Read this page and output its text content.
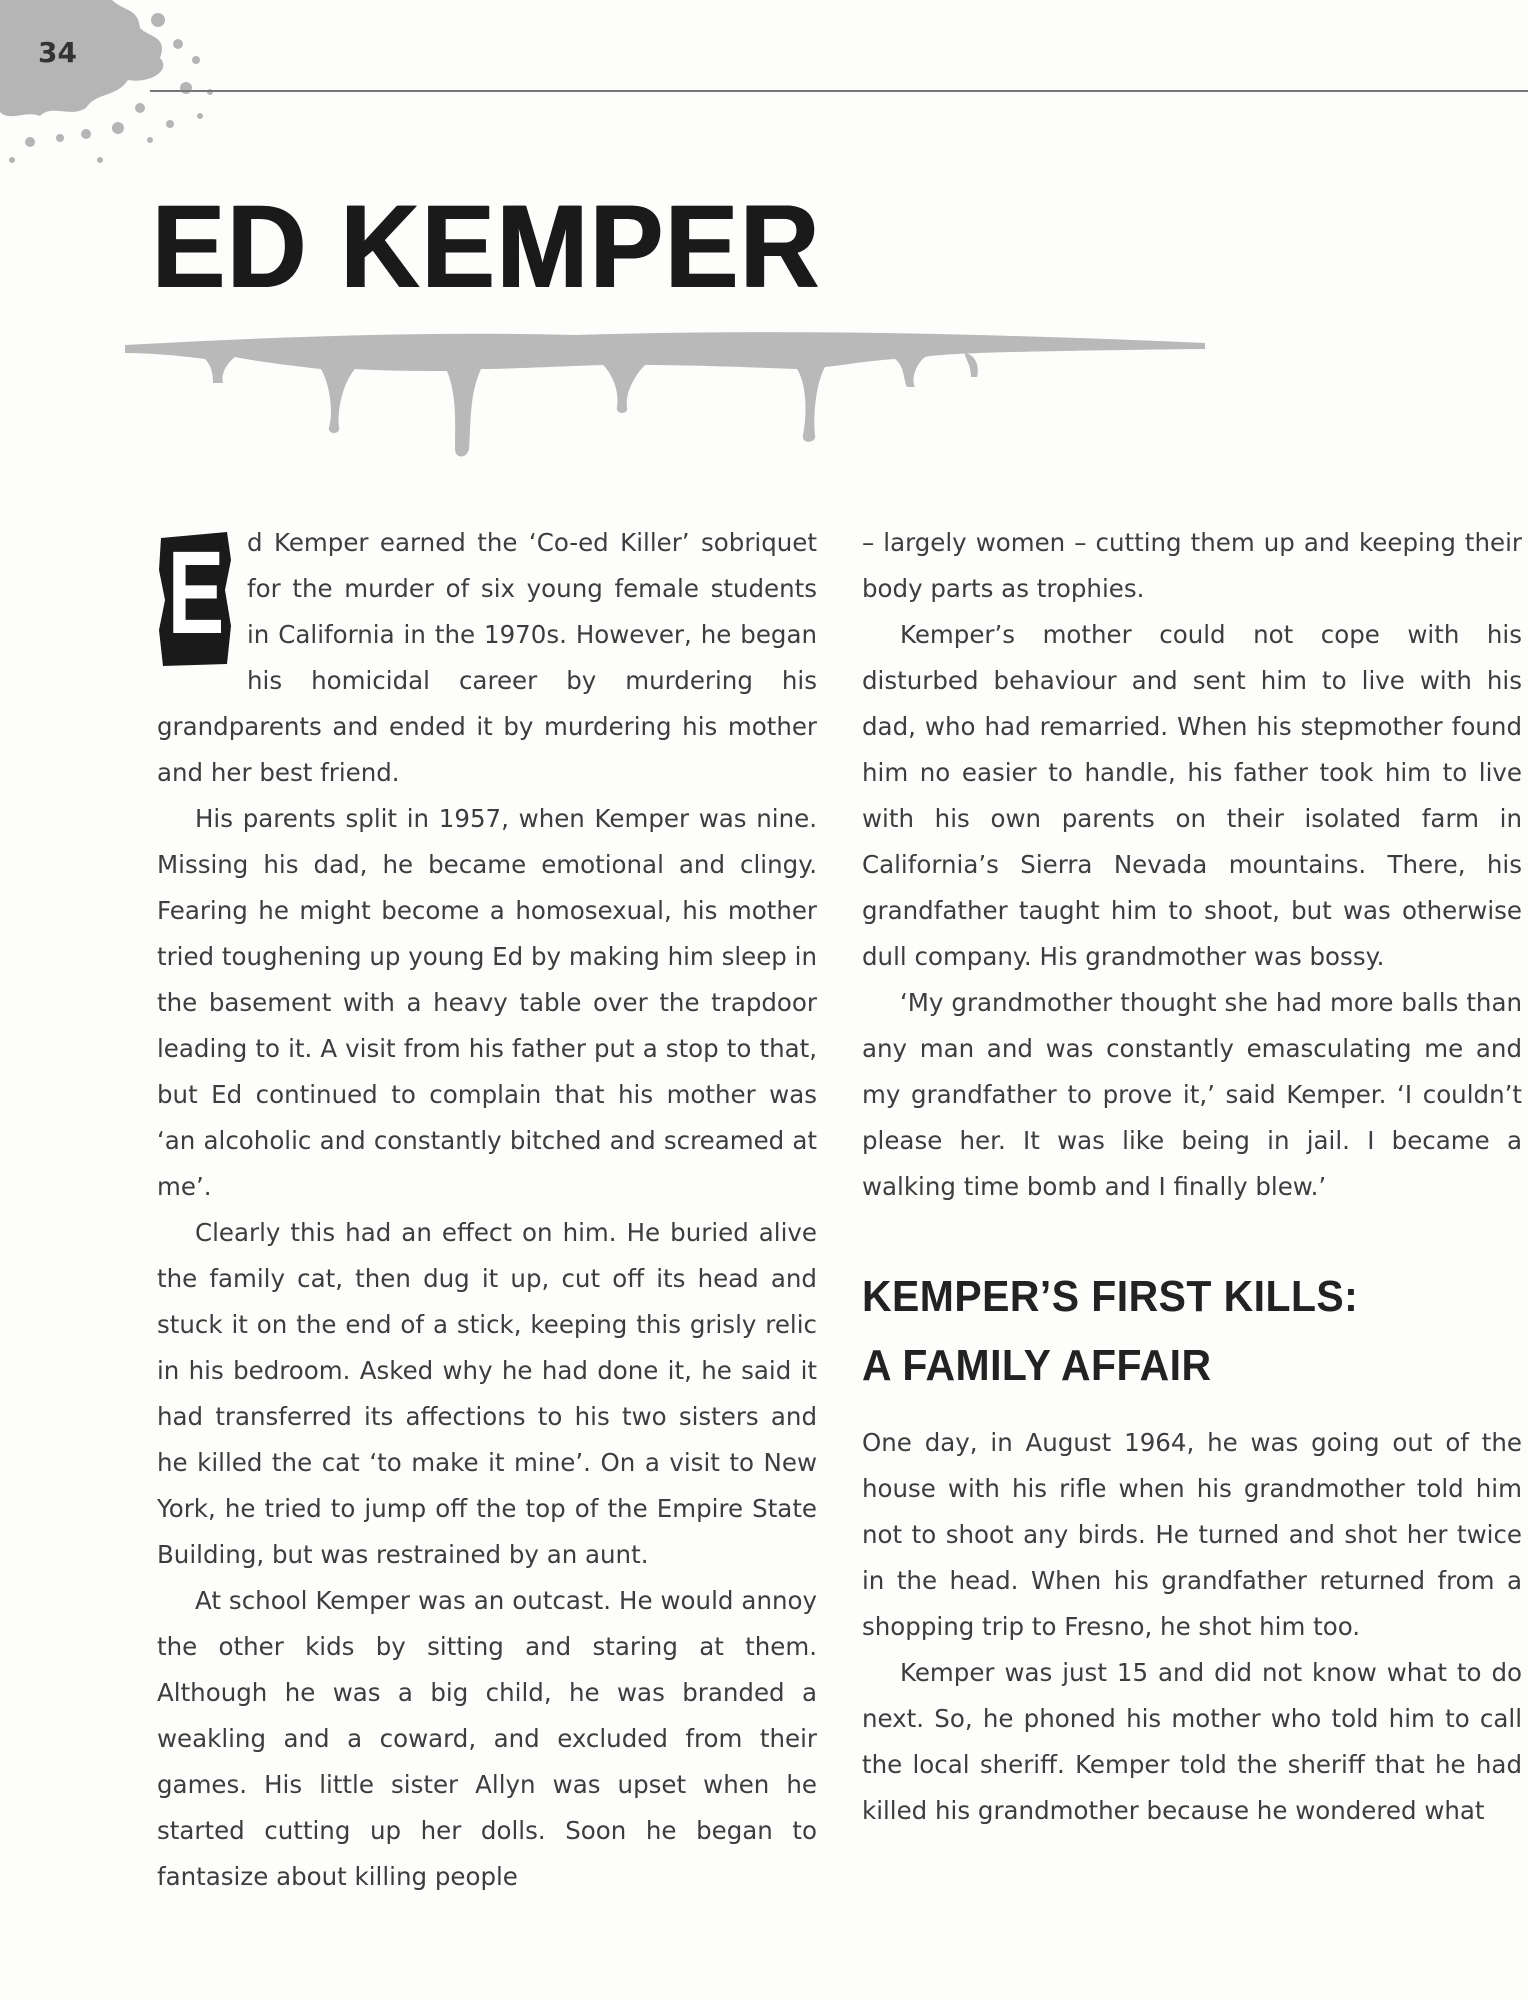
34
ED KEMPER
E d Kemper earned the ‘Co-ed Killer’ sobriquet for the murder of six young female students in California in the 1970s. However, he began his homicidal career by murdering his grandparents and ended it by murdering his mother and her best friend.

His parents split in 1957, when Kemper was nine. Missing his dad, he became emotional and clingy. Fearing he might become a homosexual, his mother tried toughening up young Ed by making him sleep in the basement with a heavy table over the trapdoor leading to it. A visit from his father put a stop to that, but Ed continued to complain that his mother was ‘an alcoholic and constantly bitched and screamed at me’.

Clearly this had an effect on him. He buried alive the family cat, then dug it up, cut off its head and stuck it on the end of a stick, keeping this grisly relic in his bedroom. Asked why he had done it, he said it had transferred its affections to his two sisters and he killed the cat ‘to make it mine’. On a visit to New York, he tried to jump off the top of the Empire State Building, but was restrained by an aunt.

At school Kemper was an outcast. He would annoy the other kids by sitting and staring at them. Although he was a big child, he was branded a weakling and a coward, and excluded from their games. His little sister Allyn was upset when he started cutting up her dolls. Soon he began to fantasize about killing people

– largely women – cutting them up and keeping their body parts as trophies.

Kemper’s mother could not cope with his disturbed behaviour and sent him to live with his dad, who had remarried. When his stepmother found him no easier to handle, his father took him to live with his own parents on their isolated farm in California’s Sierra Nevada mountains. There, his grandfather taught him to shoot, but was otherwise dull company. His grandmother was bossy.

‘My grandmother thought she had more balls than any man and was constantly emasculating me and my grandfather to prove it,’ said Kemper. ‘I couldn’t please her. It was like being in jail. I became a walking time bomb and I finally blew.’

KEMPER’S FIRST KILLS:
A FAMILY AFFAIR

One day, in August 1964, he was going out of the house with his rifle when his grandmother told him not to shoot any birds. He turned and shot her twice in the head. When his grandfather returned from a shopping trip to Fresno, he shot him too.

Kemper was just 15 and did not know what to do next. So, he phoned his mother who told him to call the local sheriff. Kemper told the sheriff that he had killed his grandmother because he wondered what
